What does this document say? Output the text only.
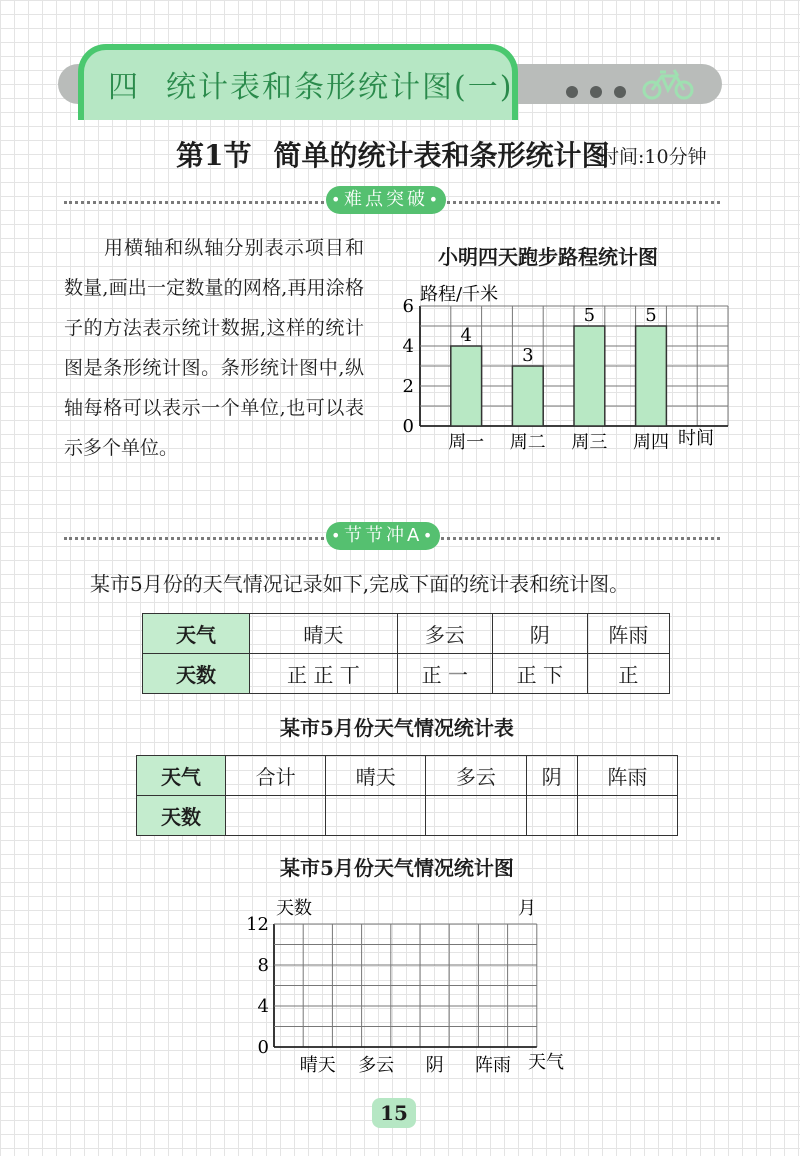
四 统计表和条形统计图(一)
第1节 简单的统计表和条形统计图
时间:10分钟
• 难点突破 •
用横轴和纵轴分别表示项目和数量,画出一定数量的网格,再用涂格子的方法表示统计数据,这样的统计图是条形统计图。条形统计图中,纵轴每格可以表示一个单位,也可以表示多个单位。
小明四天跑步路程统计图
路程/千米
4
3
5	5
0
2
4
6
周一 周二 周三 周四 时间
• 节节冲A •
某市5月份的天气情况记录如下,完成下面的统计表和统计图。
天气	晴天	多云	阴	阵雨
天数	正 正 丅	正 一	正 下	正
某市5月份天气情况统计表
天气	合计	晴天	多云	阴	阵雨
天数					
某市5月份天气情况统计图
天数	月
0
4
8
12
晴天 多云 阴 阵雨 天气
15
